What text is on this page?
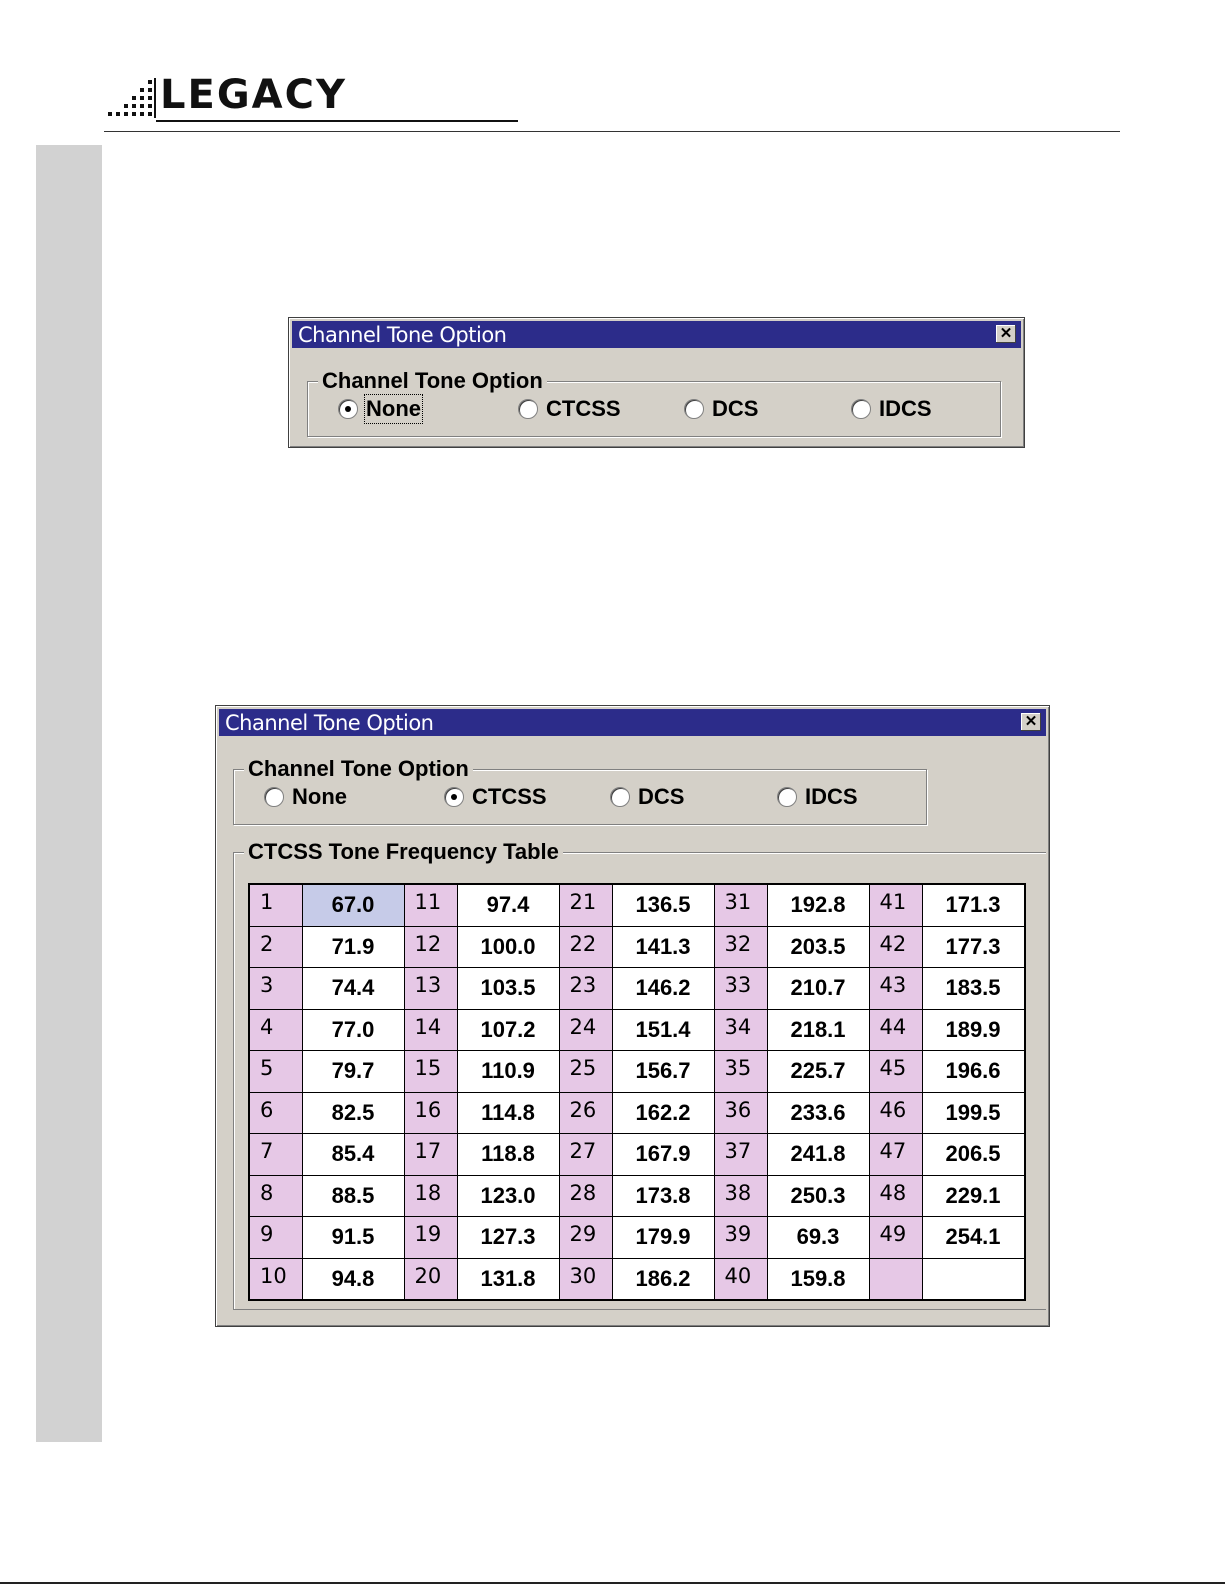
LEGACY
Channel Tone Option	✕
Channel Tone Option
None	CTCSS	DCS	IDCS
Channel Tone Option	✕
Channel Tone Option
None	CTCSS	DCS	IDCS
CTCSS Tone Frequency Table
1	67.0	11	97.4	21	136.5	31	192.8	41	171.3
2	71.9	12	100.0	22	141.3	32	203.5	42	177.3
3	74.4	13	103.5	23	146.2	33	210.7	43	183.5
4	77.0	14	107.2	24	151.4	34	218.1	44	189.9
5	79.7	15	110.9	25	156.7	35	225.7	45	196.6
6	82.5	16	114.8	26	162.2	36	233.6	46	199.5
7	85.4	17	118.8	27	167.9	37	241.8	47	206.5
8	88.5	18	123.0	28	173.8	38	250.3	48	229.1
9	91.5	19	127.3	29	179.9	39	69.3	49	254.1
10	94.8	20	131.8	30	186.2	40	159.8		
